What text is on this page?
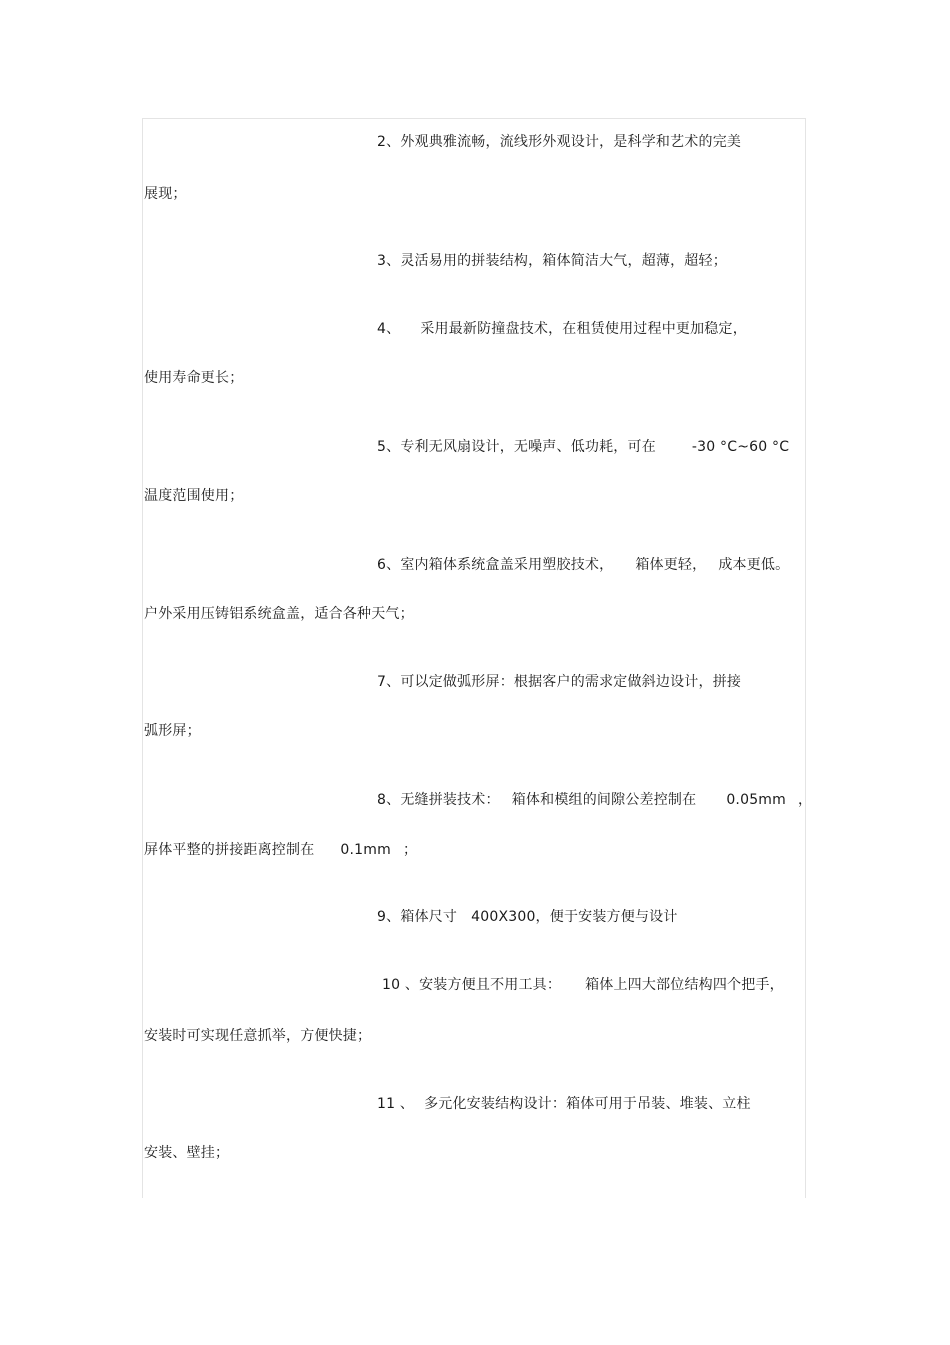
2、外观典雅流畅，流线形外观设计，是科学和艺术的完美
展现；
3、灵活易用的拼装结构，箱体简洁大气，超薄，超轻；
4、 采用最新防撞盘技术，在租赁使用过程中更加稳定，
使用寿命更长；
5、专利无风扇设计，无噪声、低功耗，可在	-30 °C~60 °C
温度范围使用；
6、室内箱体系统盒盖采用塑胶技术， 箱体更轻， 成本更低。
户外采用压铸铝系统盒盖，适合各种天气；
7、可以定做弧形屏：根据客户的需求定做斜边设计，拼接
弧形屏；
8、无缝拼装技术： 箱体和模组的间隙公差控制在 0.05mm ，
屏体平整的拼接距离控制在 0.1mm ；
9、箱体尺寸 400X300，便于安装方便与设计
10 、安装方便且不用工具： 箱体上四大部位结构四个把手，
安装时可实现任意抓举，方便快捷；
11 、 多元化安装结构设计：箱体可用于吊装、堆装、立柱
安装、壁挂；
